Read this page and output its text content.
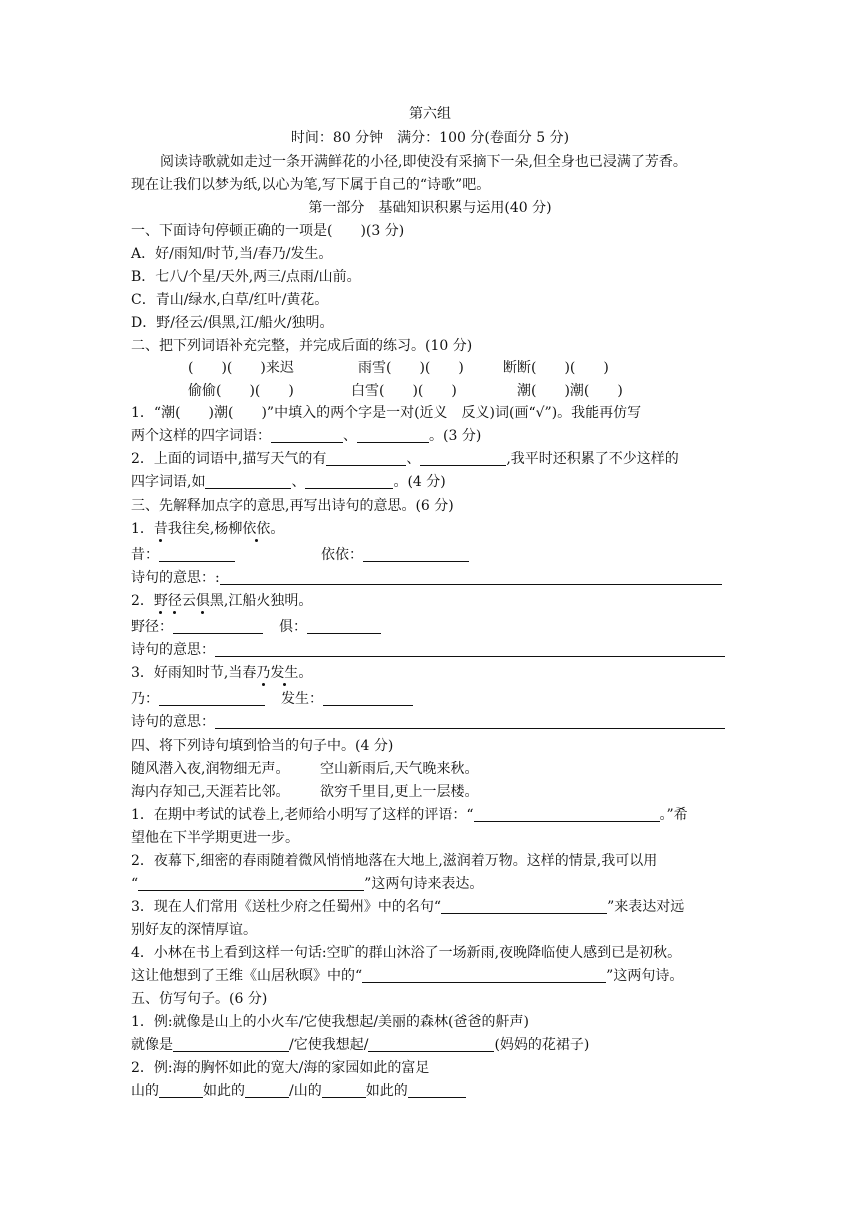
第六组
时间：80 分钟　满分：100 分(卷面分 5 分)
阅读诗歌就如走过一条开满鲜花的小径,即使没有采摘下一朵,但全身也已浸满了芳香。
现在让我们以梦为纸,以心为笔,写下属于自己的“诗歌”吧。
第一部分　基础知识积累与运用(40 分)
一、下面诗句停顿正确的一项是(　　)(3 分)
A．好/雨知/时节,当/春乃/发生。
B．七八/个星/天外,两三/点雨/山前。
C．青山/绿水,白草/红叶/黄花。
D．野/径云/俱黑,江/船火/独明。
二、把下列词语补充完整，并完成后面的练习。(10 分)
(　　)(　　)来迟	雨雪(　　)(　　)	断断(　　)(　　)
偷偷(　　)(　　)	白雪(　　)(　　)	潮(　　)潮(　　)
1．“潮(　　)潮(　　)”中填入的两个字是一对(近义　反义)词(画“√”)。我能再仿写
两个这样的四字词语：	、	。(3 分)
2．上面的词语中,描写天气的有	、	,我平时还积累了不少这样的
四字词语,如	、	。(4 分)
三、先解释加点字的意思,再写出诗句的意思。(6 分)
1．昔我往矣,杨柳依依。
昔：	依依：
诗句的意思：:
2．野径云俱黑,江船火独明。
野径：	俱：
诗句的意思：
3．好雨知时节,当春乃发生。
乃：	发生：
诗句的意思：
四、将下列诗句填到恰当的句子中。(4 分)
随风潜入夜,润物细无声。 空山新雨后,天气晚来秋。
海内存知己,天涯若比邻。 欲穷千里目,更上一层楼。
1．在期中考试的试卷上,老师给小明写了这样的评语：“	。”希
望他在下半学期更进一步。
2．夜幕下,细密的春雨随着微风悄悄地落在大地上,滋润着万物。这样的情景,我可以用
“	”这两句诗来表达。
3．现在人们常用《送杜少府之任蜀州》中的名句“	”来表达对远
别好友的深情厚谊。
4．小林在书上看到这样一句话:空旷的群山沐浴了一场新雨,夜晚降临使人感到已是初秋。
这让他想到了王维《山居秋暝》中的“	”这两句诗。
五、仿写句子。(6 分)
1．例:就像是山上的小火车/它使我想起/美丽的森林(爸爸的鼾声)
就像是	/它使我想起/	(妈妈的花裙子)
2．例:海的胸怀如此的宽大/海的家园如此的富足
山的	如此的	/山的	如此的
